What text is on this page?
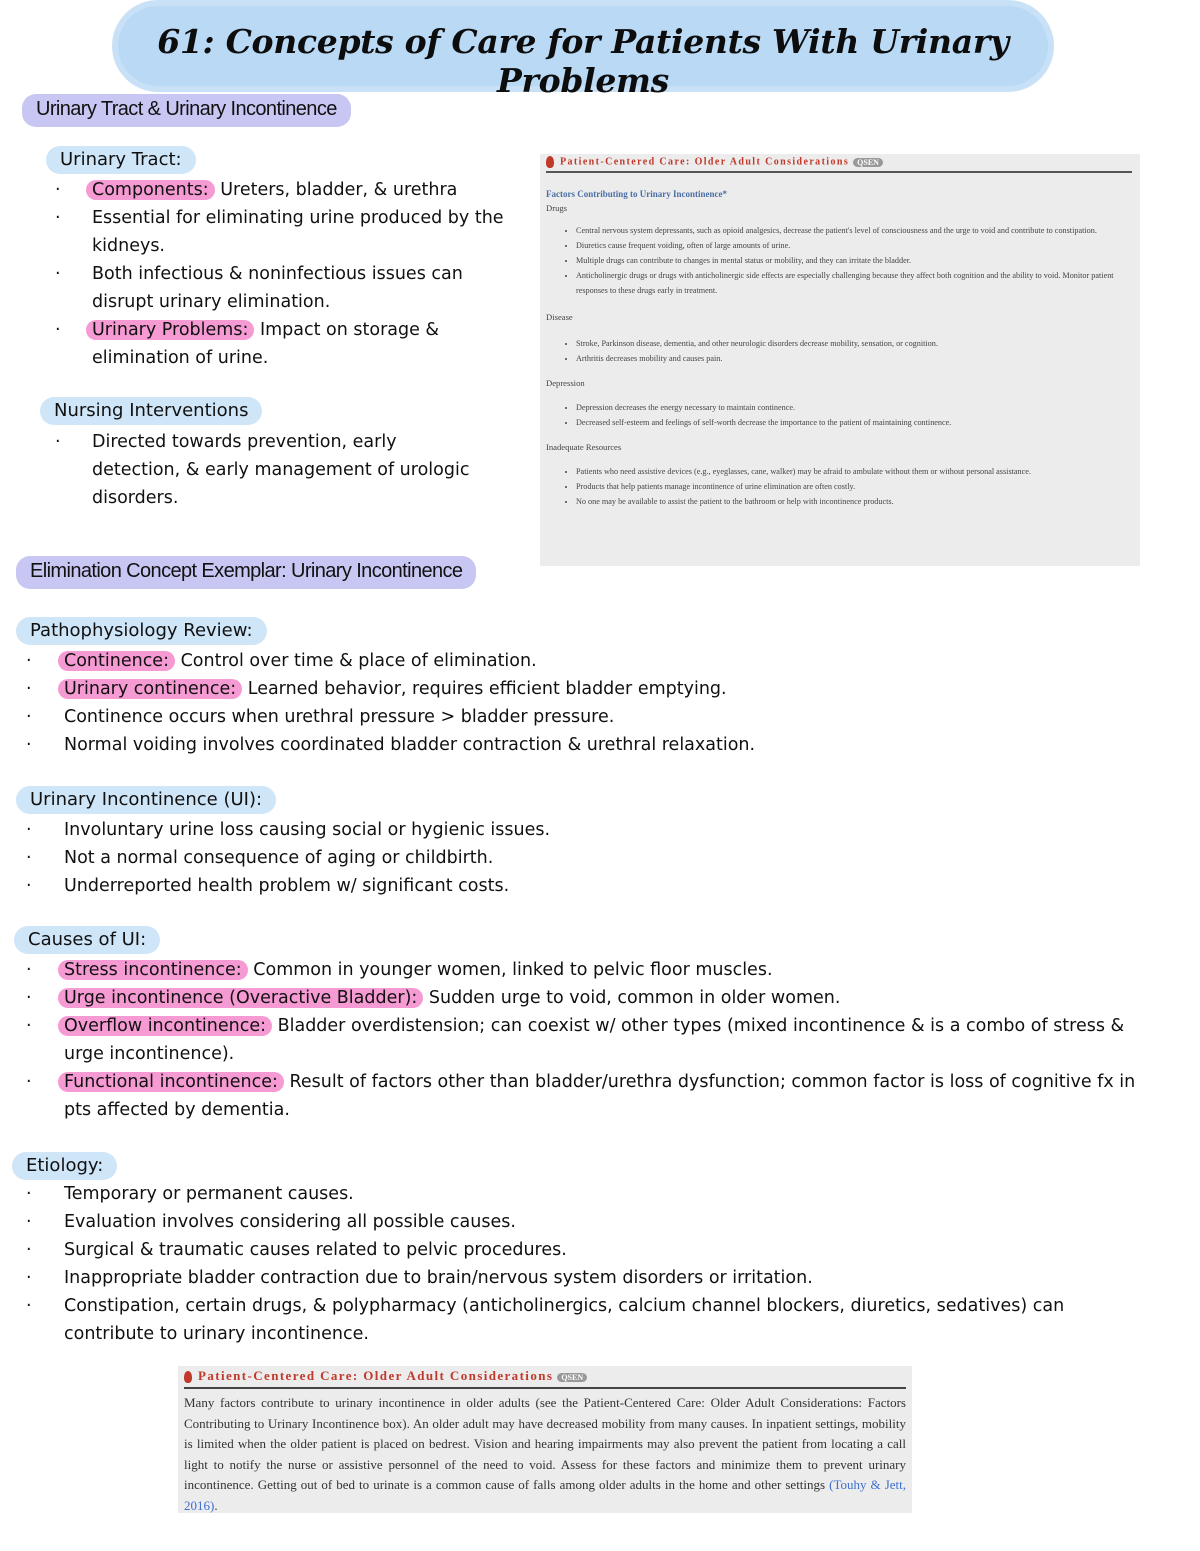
61: Concepts of Care for Patients With Urinary Problems
Urinary Tract & Urinary Incontinence
Urinary Tract:
· Components: Ureters, bladder, & urethra
· Essential for eliminating urine produced by the kidneys.
· Both infectious & noninfectious issues can disrupt urinary elimination.
· Urinary Problems: Impact on storage & elimination of urine.
Nursing Interventions
· Directed towards prevention, early detection, & early management of urologic disorders.
Patient-Centered Care: Older Adult Considerations QSEN
Factors Contributing to Urinary Incontinence*
Drugs
• Central nervous system depressants, such as opioid analgesics, decrease the patient's level of consciousness and the urge to void and contribute to constipation.
• Diuretics cause frequent voiding, often of large amounts of urine.
• Multiple drugs can contribute to changes in mental status or mobility, and they can irritate the bladder.
• Anticholinergic drugs or drugs with anticholinergic side effects are especially challenging because they affect both cognition and the ability to void. Monitor patient responses to these drugs early in treatment.
Disease
• Stroke, Parkinson disease, dementia, and other neurologic disorders decrease mobility, sensation, or cognition.
• Arthritis decreases mobility and causes pain.
Depression
• Depression decreases the energy necessary to maintain continence.
• Decreased self-esteem and feelings of self-worth decrease the importance to the patient of maintaining continence.
Inadequate Resources
• Patients who need assistive devices (e.g., eyeglasses, cane, walker) may be afraid to ambulate without them or without personal assistance.
• Products that help patients manage incontinence of urine elimination are often costly.
• No one may be available to assist the patient to the bathroom or help with incontinence products.
Elimination Concept Exemplar: Urinary Incontinence
Pathophysiology Review:
· Continence: Control over time & place of elimination.
· Urinary continence: Learned behavior, requires efficient bladder emptying.
· Continence occurs when urethral pressure > bladder pressure.
· Normal voiding involves coordinated bladder contraction & urethral relaxation.
Urinary Incontinence (UI):
· Involuntary urine loss causing social or hygienic issues.
· Not a normal consequence of aging or childbirth.
· Underreported health problem w/ significant costs.
Causes of UI:
· Stress incontinence: Common in younger women, linked to pelvic floor muscles.
· Urge incontinence (Overactive Bladder): Sudden urge to void, common in older women.
· Overflow incontinence: Bladder overdistension; can coexist w/ other types (mixed incontinence & is a combo of stress & urge incontinence).
· Functional incontinence: Result of factors other than bladder/urethra dysfunction; common factor is loss of cognitive fx in pts affected by dementia.
Etiology:
· Temporary or permanent causes.
· Evaluation involves considering all possible causes.
· Surgical & traumatic causes related to pelvic procedures.
· Inappropriate bladder contraction due to brain/nervous system disorders or irritation.
· Constipation, certain drugs, & polypharmacy (anticholinergics, calcium channel blockers, diuretics, sedatives) can contribute to urinary incontinence.
Patient-Centered Care: Older Adult Considerations QSEN

Many factors contribute to urinary incontinence in older adults (see the Patient-Centered Care: Older Adult Considerations: Factors Contributing to Urinary Incontinence box). An older adult may have decreased mobility from many causes. In inpatient settings, mobility is limited when the older patient is placed on bedrest. Vision and hearing impairments may also prevent the patient from locating a call light to notify the nurse or assistive personnel of the need to void. Assess for these factors and minimize them to prevent urinary incontinence. Getting out of bed to urinate is a common cause of falls among older adults in the home and other settings (Touhy & Jett, 2016).
